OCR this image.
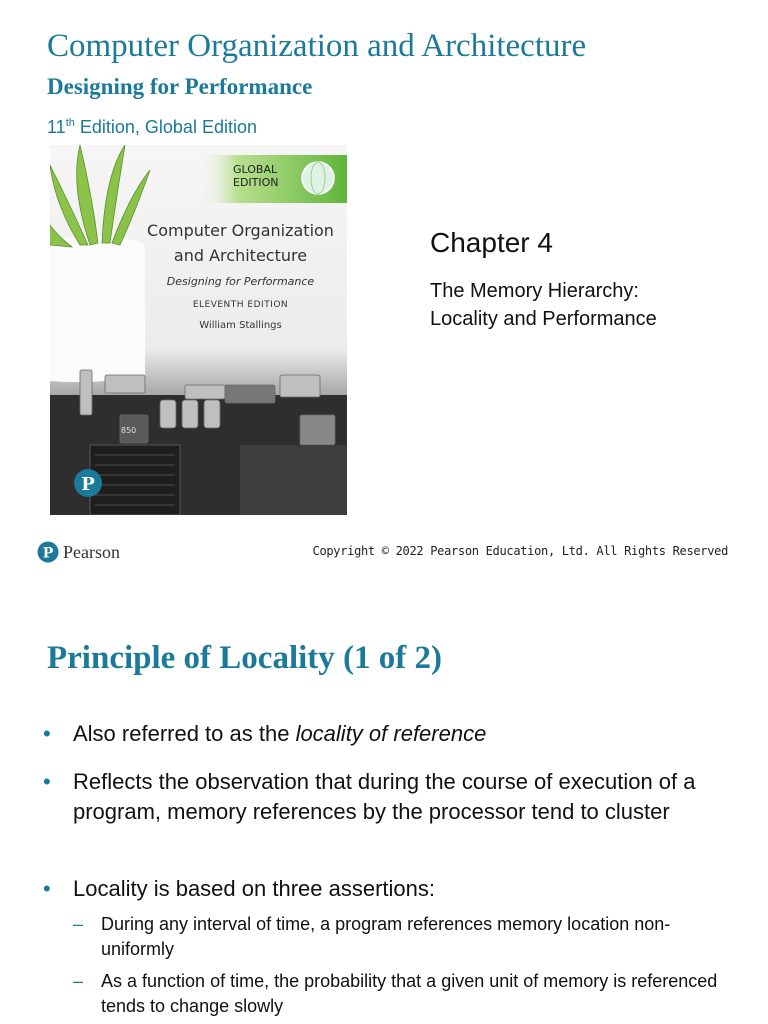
Computer Organization and Architecture
Designing for Performance
11th Edition, Global Edition
850
P
GLOBAL
EDITION
Computer Organization
and Architecture
Designing for Performance
ELEVENTH EDITION
William Stallings
Chapter 4
The Memory Hierarchy:
Locality and Performance
P Pearson	Copyright © 2022 Pearson Education, Ltd. All Rights Reserved
Principle of Locality (1 of 2)
• Also referred to as the locality of reference
• Reflects the observation that during the course of execution of a program, memory references by the processor tend to cluster
• Locality is based on three assertions:
– During any interval of time, a program references memory location non-uniformly
– As a function of time, the probability that a given unit of memory is referenced tends to change slowly
